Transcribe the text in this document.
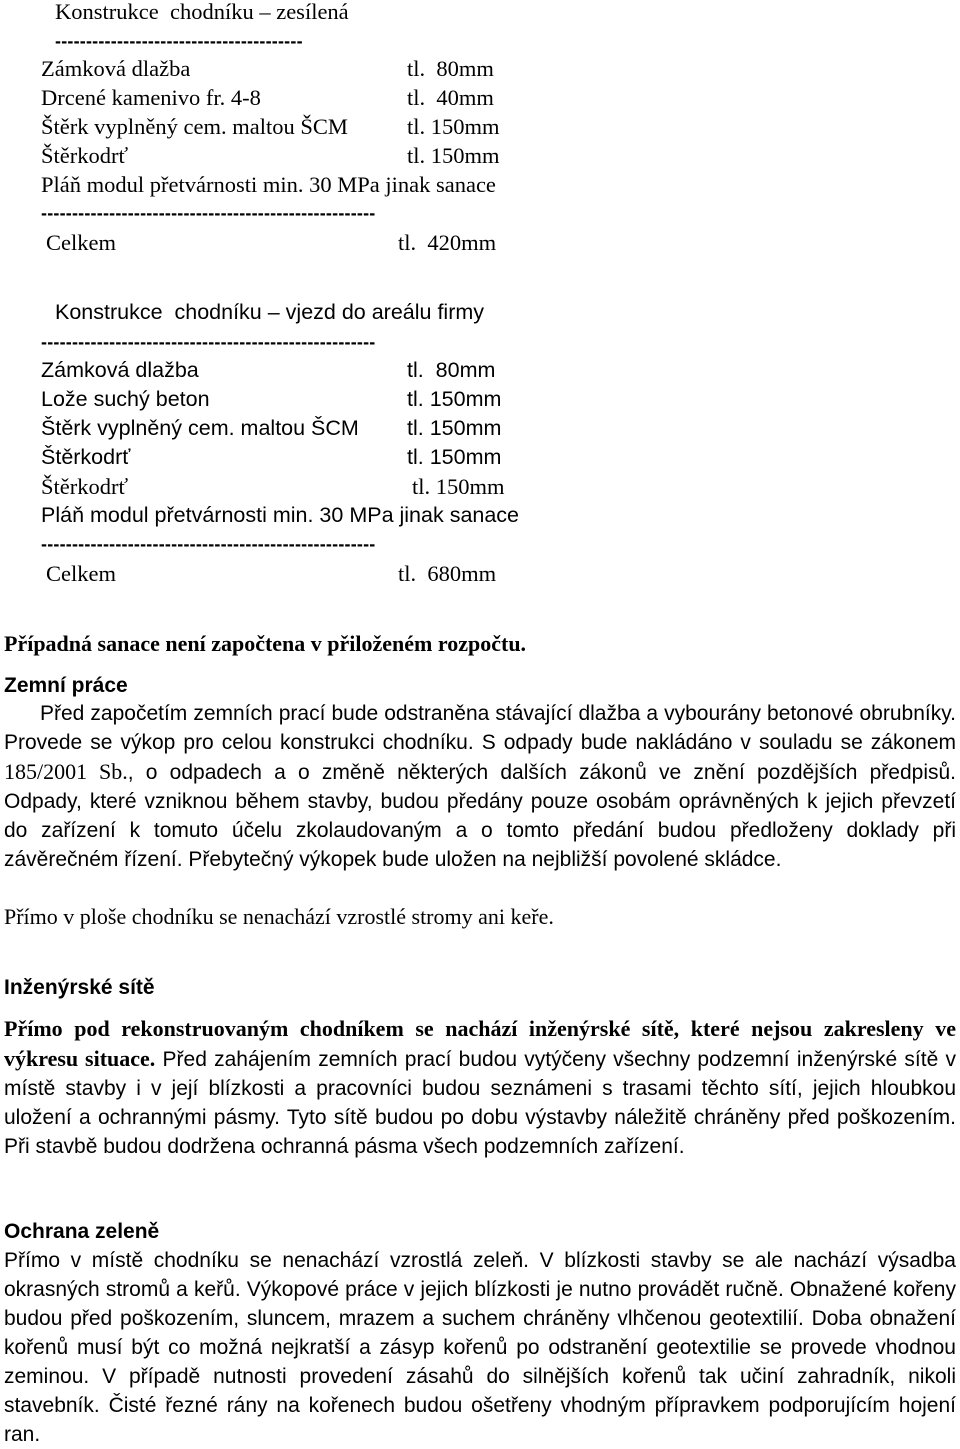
Konstrukce  chodníku – zesílená
----------------------------------------

Zámková dlažba

	tl.  80mm

Drcené kamenivo fr. 4-8

	tl.  40mm

Štěrk vyplněný cem. maltou ŠCM

	tl. 150mm

Štěrkodrť

	tl. 150mm

Pláň modul přetvárnosti min. 30 MPa jinak sanace
------------------------------------------------------

Celkem

	tl.  420mm

Konstrukce  chodníku – vjezd do areálu firmy
------------------------------------------------------

Zámková dlažba

	tl.  80mm

Lože suchý beton

	tl. 150mm

Štěrk vyplněný cem. maltou ŠCM

tl. 150mm

Štěrkodrť

	tl. 150mm

Štěrkodrť

	tl. 150mm

Pláň modul přetvárnosti min. 30 MPa jinak sanace
------------------------------------------------------

Celkem

	tl.  680mm

Případná sanace není započtena v přiloženém rozpočtu.
Zemní práce
Před započetím zemních prací bude odstraněna stávající dlažba a vybourány betonové obrubníky. Provede se výkop pro celou konstrukci chodníku. S odpady bude nakládáno v souladu se zákonem 185/2001 Sb., o odpadech a o změně některých dalších zákonů ve znění pozdějších předpisů. Odpady, které vzniknou během stavby, budou předány pouze osobám oprávněných k jejich převzetí do zařízení k tomuto účelu zkolaudovaným a o tomto předání budou předloženy doklady při závěrečném řízení. Přebytečný výkopek bude uložen na nejbližší povolené skládce.
Přímo v ploše chodníku se nenachází vzrostlé stromy ani keře.
Inženýrské sítě
Přímo pod rekonstruovaným chodníkem se nachází inženýrské sítě, které nejsou zakresleny ve výkresu situace. Před zahájením zemních prací budou vytýčeny všechny podzemní inženýrské sítě v místě stavby i v její blízkosti a pracovníci budou seznámeni s trasami těchto sítí, jejich hloubkou uložení a ochrannými pásmy. Tyto sítě budou po dobu výstavby náležitě chráněny před poškozením. Při stavbě budou dodržena ochranná pásma všech podzemních zařízení.
Ochrana zeleně
Přímo v místě chodníku se nenachází vzrostlá zeleň. V blízkosti stavby se ale nachází výsadba okrasných stromů a keřů. Výkopové práce v jejich blízkosti je nutno provádět ručně. Obnažené kořeny budou před poškozením, sluncem, mrazem a suchem chráněny vlhčenou geotextilií. Doba obnažení kořenů musí být co možná nejkratší a zásyp kořenů po odstranění geotextilie se provede vhodnou zeminou. V případě nutnosti provedení zásahů do silnějších kořenů tak učiní zahradník, nikoli stavebník. Čisté řezné rány na kořenech budou ošetřeny vhodným přípravkem podporujícím hojení ran.
